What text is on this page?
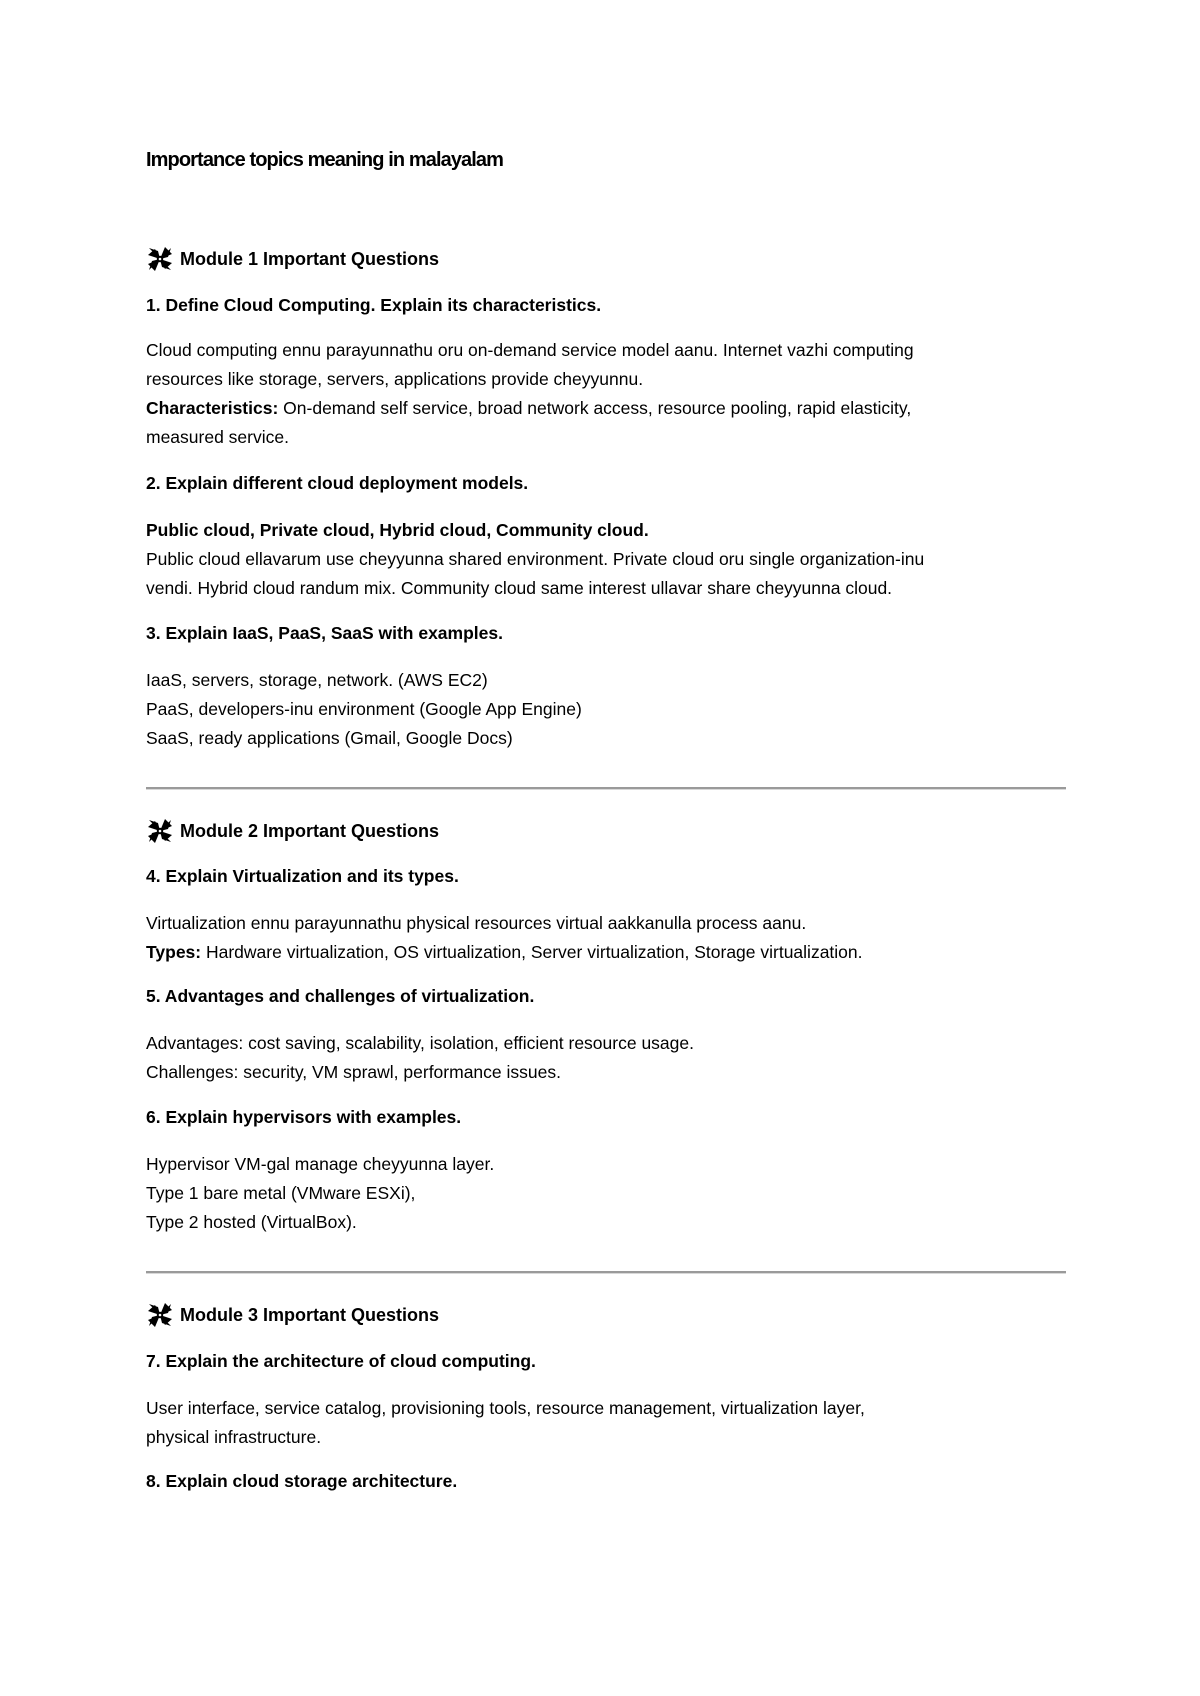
Importance topics meaning in malayalam
Module 1 Important Questions
1. Define Cloud Computing. Explain its characteristics.
Cloud computing ennu parayunnathu oru on-demand service model aanu. Internet vazhi computing
resources like storage, servers, applications provide cheyyunnu.
Characteristics: On-demand self service, broad network access, resource pooling, rapid elasticity,
measured service.
2. Explain different cloud deployment models.
Public cloud, Private cloud, Hybrid cloud, Community cloud.
Public cloud ellavarum use cheyyunna shared environment. Private cloud oru single organization-inu
vendi. Hybrid cloud randum mix. Community cloud same interest ullavar share cheyyunna cloud.
3. Explain IaaS, PaaS, SaaS with examples.
IaaS, servers, storage, network. (AWS EC2)
PaaS, developers-inu environment (Google App Engine)
SaaS, ready applications (Gmail, Google Docs)
Module 2 Important Questions
4. Explain Virtualization and its types.
Virtualization ennu parayunnathu physical resources virtual aakkanulla process aanu.
Types: Hardware virtualization, OS virtualization, Server virtualization, Storage virtualization.
5. Advantages and challenges of virtualization.
Advantages: cost saving, scalability, isolation, efficient resource usage.
Challenges: security, VM sprawl, performance issues.
6. Explain hypervisors with examples.
Hypervisor VM-gal manage cheyyunna layer.
Type 1 bare metal (VMware ESXi),
Type 2 hosted (VirtualBox).
Module 3 Important Questions
7. Explain the architecture of cloud computing.
User interface, service catalog, provisioning tools, resource management, virtualization layer,
physical infrastructure.
8. Explain cloud storage architecture.
